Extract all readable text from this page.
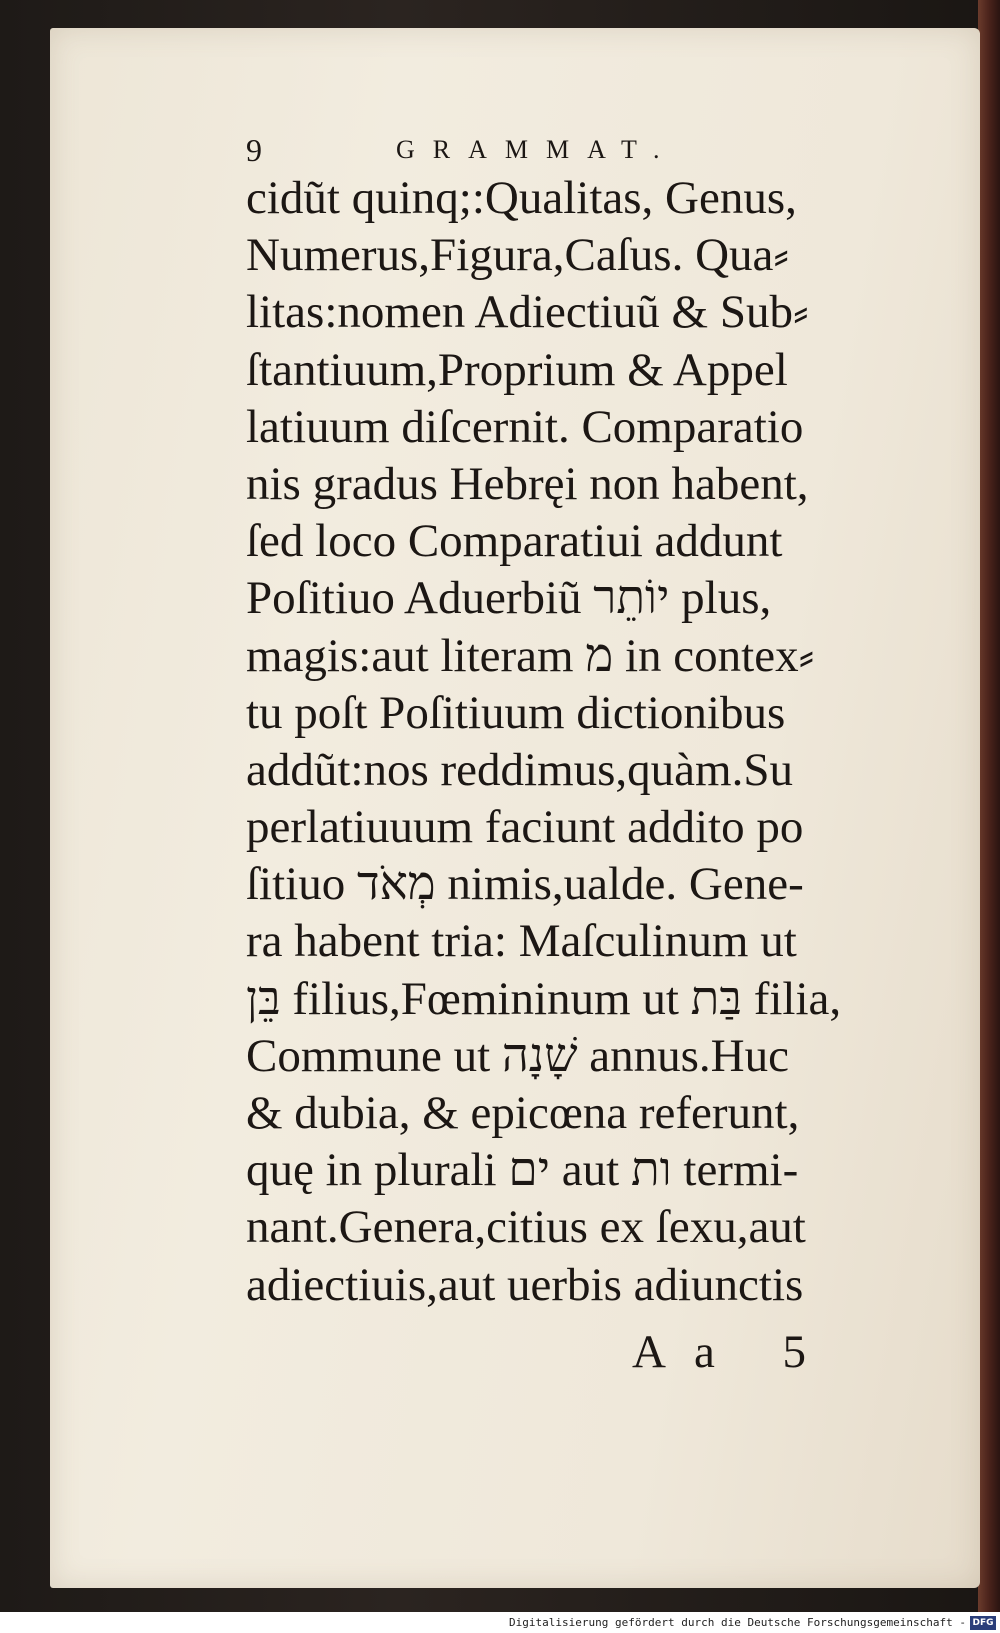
9	GRAMMAT.
cidũt quinq;:Qualitas, Genus,
Numerus,Figura,Caſus. Qua⸗
litas:nomen Adiectiuũ & Sub⸗
ſtantiuum,Proprium & Appel
latiuum diſcernit. Comparatio
nis gradus Hebręi non habent,
ſed loco Comparatiui addunt
Poſitiuo Aduerbiũ יוֹתֵר plus,
magis:aut literam מ in contex⸗
tu poſt Poſitiuum dictionibus
addũt:nos reddimus,quàm.Su
perlatiuuum faciunt addito po
ſitiuo מְאֹד nimis,ualde. Gene-
ra habent tria: Maſculinum ut
בֵּן filius,Fœmininum ut בַּת filia,
Commune ut שָׁנָה annus.Huc
& dubia, & epicœna referunt,
quę in plurali ים aut ות termi-
nant.Genera,citius ex ſexu,aut
adiectiuis,aut uerbis adiunctis
Aa 5
Digitalisierung gefördert durch die Deutsche Forschungsgemeinschaft - DFG
